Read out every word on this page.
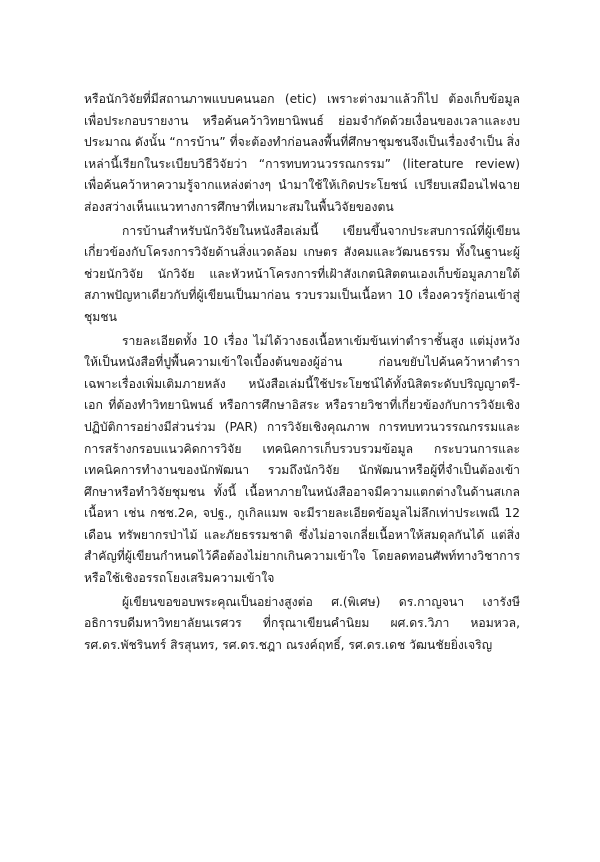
หรือนักวิจัยที่มีสถานภาพแบบคนนอก (etic) เพราะต่างมาแล้วก็ไป ต้องเก็บข้อมูลเพื่อประกอบรายงาน หรือค้นคว้าวิทยานิพนธ์ ย่อมจำกัดด้วยเงื่อนของเวลาและงบประมาณ ดังนั้น “การบ้าน” ที่จะต้องทำก่อนลงพื้นที่ศึกษาชุมชนจึงเป็นเรื่องจำเป็น สิ่งเหล่านี้เรียกในระเบียบวิธีวิจัยว่า “การทบทวนวรรณกรรม” (literature review) เพื่อค้นคว้าหาความรู้จากแหล่งต่างๆ นำมาใช้ให้เกิดประโยชน์ เปรียบเสมือนไฟฉายส่องสว่างเห็นแนวทางการศึกษาที่เหมาะสมในพื้นวิจัยของตน

การบ้านสำหรับนักวิจัยในหนังสือเล่มนี้ เขียนขึ้นจากประสบการณ์ที่ผู้เขียนเกี่ยวข้องกับโครงการวิจัยด้านสิ่งแวดล้อม เกษตร สังคมและวัฒนธรรม ทั้งในฐานะผู้ช่วยนักวิจัย นักวิจัย และหัวหน้าโครงการที่เฝ้าสังเกตนิสิตตนเองเก็บข้อมูลภายใต้สภาพปัญหาเดียวกับที่ผู้เขียนเป็นมาก่อน รวบรวมเป็นเนื้อหา 10 เรื่องควรรู้ก่อนเข้าสู่ชุมชน

รายละเอียดทั้ง 10 เรื่อง ไม่ได้วางธงเนื้อหาเข้มข้นเท่าตำราชั้นสูง แต่มุ่งหวังให้เป็นหนังสือที่ปูพื้นความเข้าใจเบื้องต้นของผู้อ่าน ก่อนขยับไปค้นคว้าหาตำราเฉพาะเรื่องเพิ่มเติมภายหลัง หนังสือเล่มนี้ใช้ประโยชน์ได้ทั้งนิสิตระดับปริญญาตรี-เอก ที่ต้องทำวิทยานิพนธ์ หรือการศึกษาอิสระ หรือรายวิชาที่เกี่ยวข้องกับการวิจัยเชิงปฏิบัติการอย่างมีส่วนร่วม (PAR) การวิจัยเชิงคุณภาพ การทบทวนวรรณกรรมและการสร้างกรอบแนวคิดการวิจัย เทคนิคการเก็บรวบรวมข้อมูล กระบวนการและเทคนิคการทำงานของนักพัฒนา รวมถึงนักวิจัย นักพัฒนาหรือผู้ที่จำเป็นต้องเข้าศึกษาหรือทำวิจัยชุมชน ทั้งนี้ เนื้อหาภายในหนังสืออาจมีความแตกต่างในด้านสเกลเนื้อหา เช่น กชช.2ค, จปฐ., กูเกิลแมพ จะมีรายละเอียดข้อมูลไม่ลึกเท่าประเพณี 12 เดือน ทรัพยากรป่าไม้ และภัยธรรมชาติ ซึ่งไม่อาจเกลี่ยเนื้อหาให้สมดุลกันได้ แต่สิ่งสำคัญที่ผู้เขียนกำหนดไว้คือต้องไม่ยากเกินความเข้าใจ โดยลดทอนศัพท์ทางวิชาการ หรือใช้เชิงอรรถโยงเสริมความเข้าใจ

ผู้เขียนขอขอบพระคุณเป็นอย่างสูงต่อ ศ.(พิเศษ) ดร.กาญจนา เงารังษี อธิการบดีมหาวิทยาลัยนเรศวร ที่กรุณาเขียนคำนิยม ผศ.ดร.วิภา หอมหวล, รศ.ดร.พัชรินทร์ สิรสุนทร, รศ.ดร.ชฎา ณรงค์ฤทธิ์, รศ.ดร.เดช วัฒนชัยยิ่งเจริญ
